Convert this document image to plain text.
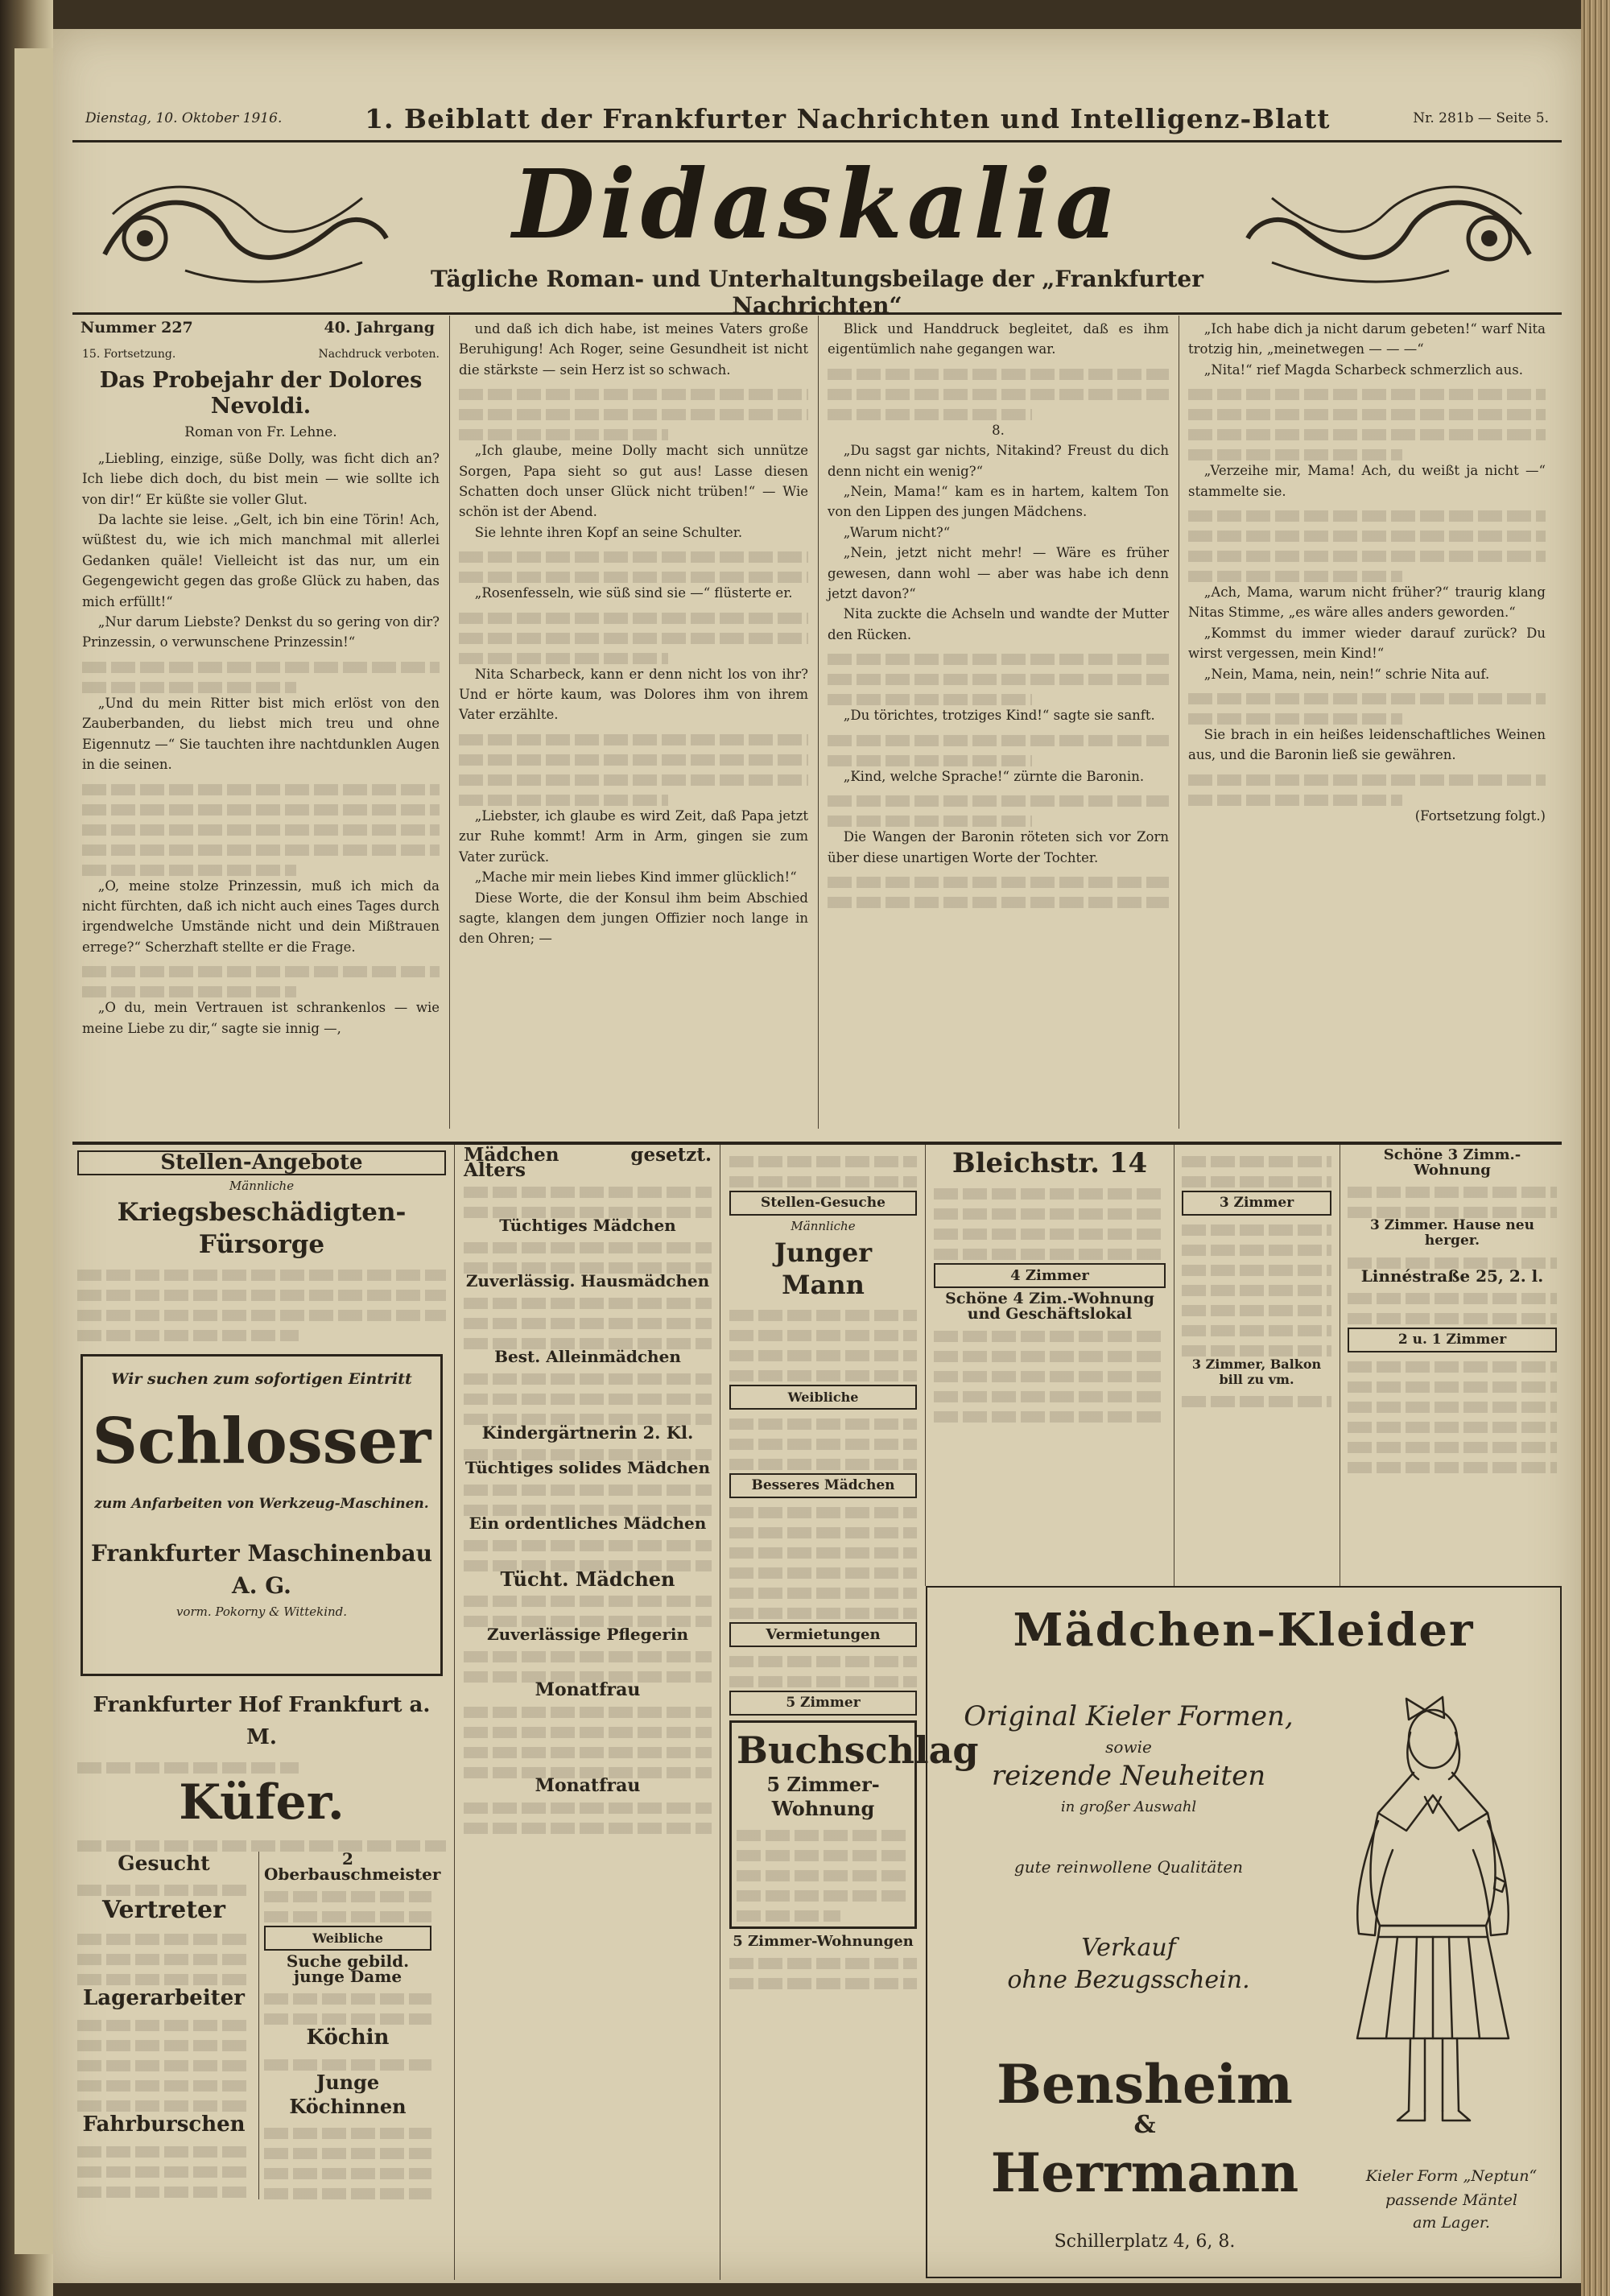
Dienstag, 10. Oktober 1916.	1. Beiblatt der Frankfurter Nachrichten und Intelligenz-Blatt	Nr. 281b — Seite 5.
Didaskalia
Tägliche Roman- und Unterhaltungsbeilage der „Frankfurter Nachrichten“
Nummer 227	40. Jahrgang
15. Fortsetzung.	Nachdruck verboten.
Das Probejahr der Dolores Nevoldi.
Roman von Fr. Lehne.

„Liebling, einzige, süße Dolly, was ficht dich an? Ich liebe dich doch, du bist mein — wie sollte ich von dir!“ Er küßte sie voller Glut.

Da lachte sie leise. „Gelt, ich bin eine Törin! Ach, wüßtest du, wie ich mich manchmal mit allerlei Gedanken quäle! Vielleicht ist das nur, um ein Gegengewicht gegen das große Glück zu haben, das mich erfüllt!“

„Nur darum Liebste? Denkst du so gering von dir? Prinzessin, o verwunschene Prinzessin!“

„Und du mein Ritter bist mich erlöst von den Zauberbanden, du liebst mich treu und ohne Eigennutz —“ Sie tauchten ihre nachtdunklen Augen in die seinen.

„O, meine stolze Prinzessin, muß ich mich da nicht fürchten, daß ich nicht auch eines Tages durch irgendwelche Umstände nicht und dein Mißtrauen errege?“ Scherzhaft stellte er die Frage.

„O du, mein Vertrauen ist schrankenlos — wie meine Liebe zu dir,“ sagte sie innig —,

und daß ich dich habe, ist meines Vaters große Beruhigung! Ach Roger, seine Gesundheit ist nicht die stärkste — sein Herz ist so schwach.

„Ich glaube, meine Dolly macht sich unnütze Sorgen, Papa sieht so gut aus! Lasse diesen Schatten doch unser Glück nicht trüben!“ — Wie schön ist der Abend.

Sie lehnte ihren Kopf an seine Schulter.

„Rosenfesseln, wie süß sind sie —“ flüsterte er.

Nita Scharbeck, kann er denn nicht los von ihr? Und er hörte kaum, was Dolores ihm von ihrem Vater erzählte.

„Liebster, ich glaube es wird Zeit, daß Papa jetzt zur Ruhe kommt! Arm in Arm, gingen sie zum Vater zurück.

„Mache mir mein liebes Kind immer glücklich!“

Diese Worte, die der Konsul ihm beim Abschied sagte, klangen dem jungen Offizier noch lange in den Ohren; —

Blick und Handdruck begleitet, daß es ihm eigentümlich nahe gegangen war.

8.

„Du sagst gar nichts, Nitakind? Freust du dich denn nicht ein wenig?“

„Nein, Mama!“ kam es in hartem, kaltem Ton von den Lippen des jungen Mädchens.

„Warum nicht?“

„Nein, jetzt nicht mehr! — Wäre es früher gewesen, dann wohl — aber was habe ich denn jetzt davon?“

Nita zuckte die Achseln und wandte der Mutter den Rücken.

„Du törichtes, trotziges Kind!“ sagte sie sanft.

„Kind, welche Sprache!“ zürnte die Baronin.

Die Wangen der Baronin röteten sich vor Zorn über diese unartigen Worte der Tochter.

„Ich habe dich ja nicht darum gebeten!“ warf Nita trotzig hin, „meinetwegen — — —“

„Nita!“ rief Magda Scharbeck schmerzlich aus.

„Verzeihe mir, Mama! Ach, du weißt ja nicht —“ stammelte sie.

„Ach, Mama, warum nicht früher?“ traurig klang Nitas Stimme, „es wäre alles anders geworden.“

„Kommst du immer wieder darauf zurück? Du wirst vergessen, mein Kind!“

„Nein, Mama, nein, nein!“ schrie Nita auf.

Sie brach in ein heißes leidenschaftliches Weinen aus, und die Baronin ließ sie gewähren.

(Fortsetzung folgt.)

Stellen-Angebote
Männliche
Kriegsbeschädigten-Fürsorge
Wir suchen zum sofortigen Eintritt
Schlosser
zum Anfarbeiten von Werkzeug-Maschinen.
Frankfurter Maschinenbau A. G.
vorm. Pokorny & Wittekind.
Frankfurter Hof Frankfurt a. M.
Küfer.
Gesucht
Vertreter
Lagerarbeiter
Fahrburschen
2 Oberbauschmeister
Weibliche
Suche gebild. junge Dame
Köchin
Junge Köchinnen
Mädchen gesetzt. Alters
Tüchtiges Mädchen
Zuverlässig. Hausmädchen
Best. Alleinmädchen
Kindergärtnerin 2. Kl.
Tüchtiges solides Mädchen
Ein ordentliches Mädchen
Tücht. Mädchen
Zuverlässige Pflegerin
Monatfrau
Monatfrau
Stellen-Gesuche
Männliche
Junger Mann
Weibliche
Besseres Mädchen
Vermietungen
5 Zimmer
Buchschlag
5 Zimmer-Wohnung
5 Zimmer-Wohnungen
Bleichstr. 14
4 Zimmer
Schöne 4 Zim.-Wohnung und Geschäftslokal
3 Zimmer
3 Zimmer, Balkon bill zu vm.
Schöne 3 Zimm.-Wohnung
3 Zimmer. Hause neu herger.
Linnéstraße 25, 2. l.
2 u. 1 Zimmer
Mädchen-Kleider
Original Kieler Formen,
sowie
reizende Neuheiten
in großer Auswahl
gute reinwollene Qualitäten
Verkauf
ohne Bezugsschein.
Bensheim
&
Herrmann
Schillerplatz 4, 6, 8.
Kieler Form „Neptun“
passende Mäntel
am Lager.
